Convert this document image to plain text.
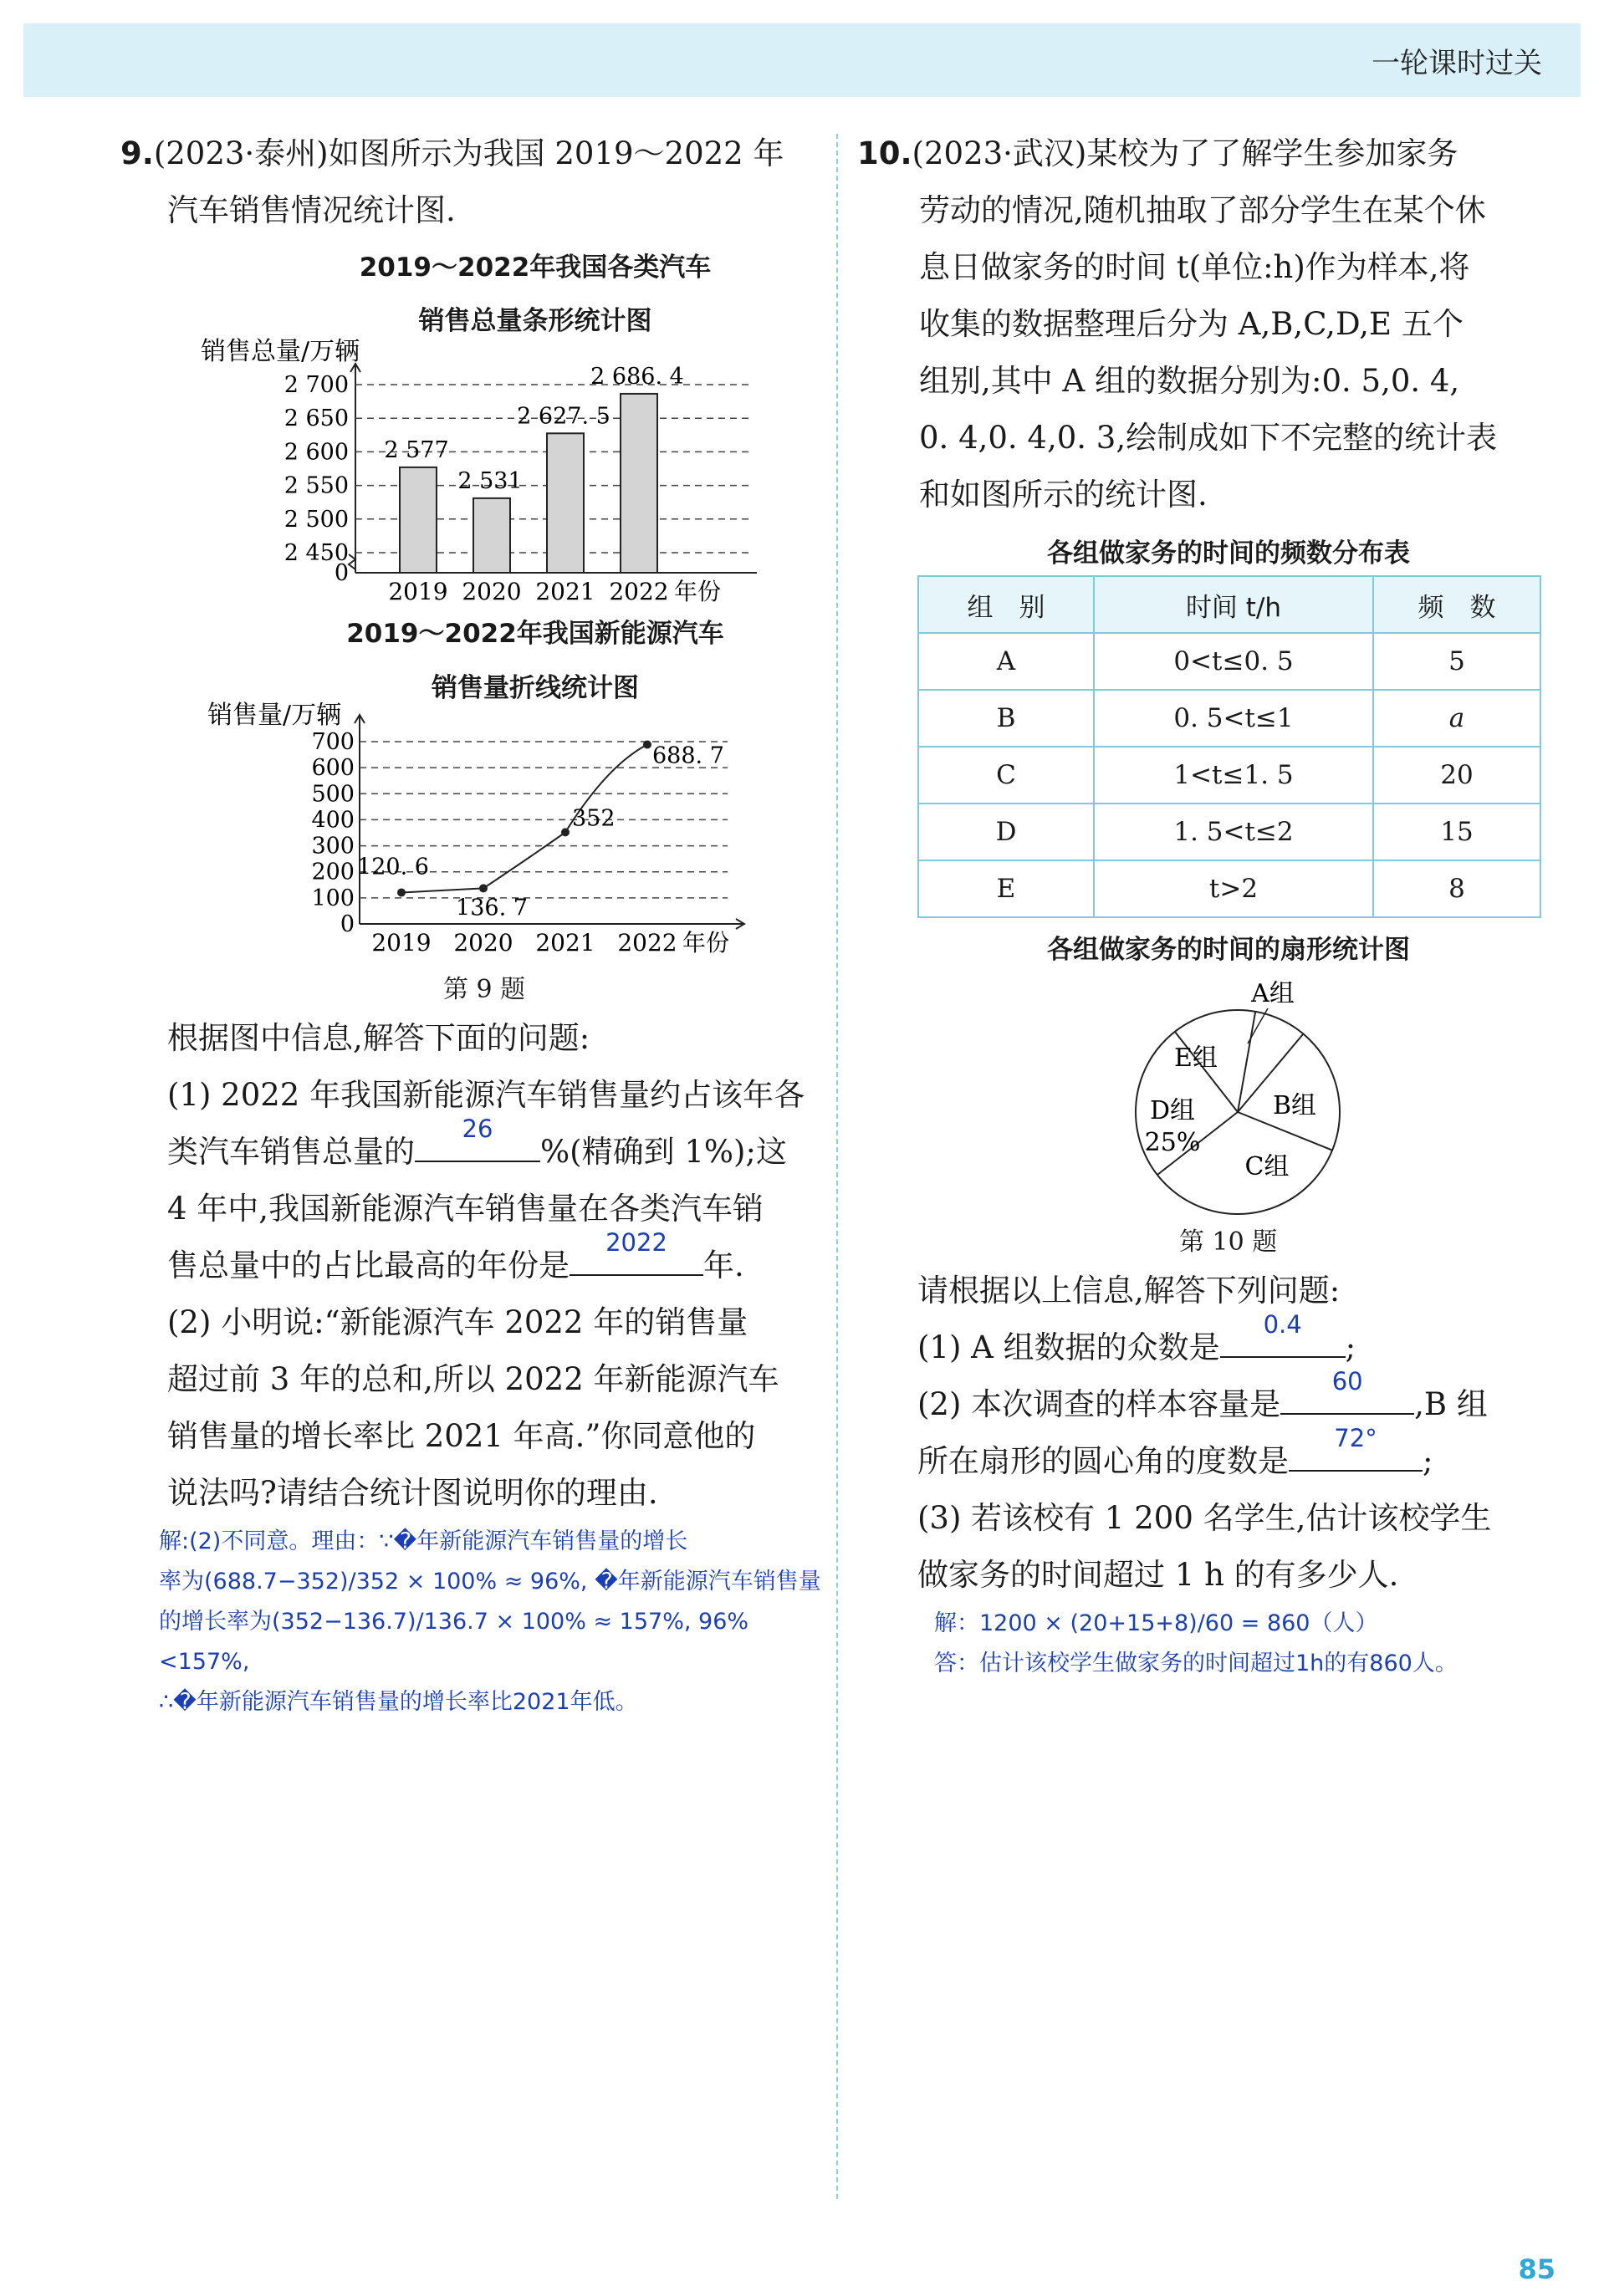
一轮课时过关
9.(2023·泰州)如图所示为我国 2019～2022 年
汽车销售情况统计图.
2019～2022年我国各类汽车
销售总量条形统计图
销售总量/万辆
0
2 450
2 500
2 550
2 600
2 650
2 700
2 577
2019
2 531
2020
2 627. 5
2021
2 686. 4
2022 年份
2019～2022年我国新能源汽车
销售量折线统计图
销售量/万辆
0
100
200
300
400
500
600
700
120. 6
2019
136. 7
2020
352
2021
688. 7
2022 年份
第 9 题
根据图中信息,解答下面的问题:
(1) 2022 年我国新能源汽车销售量约占该年各
类汽车销售总量的
26
%(精确到 1%);这
4 年中,我国新能源汽车销售量在各类汽车销
售总量中的占比最高的年份是
2022
年.
(2) 小明说:“新能源汽车 2022 年的销售量
超过前 3 年的总和,所以 2022 年新能源汽车
销售量的增长率比 2021 年高.”你同意他的
说法吗?请结合统计图说明你的理由.
解:(2)不同意。理由：∵�年新能源汽车销售量的增长
率为(688.7−352)/352 × 100% ≈ 96%, �年新能源汽车销售量
的增长率为(352−136.7)/136.7 × 100% ≈ 157%, 96%<157%,
∴�年新能源汽车销售量的增长率比2021年低。
10.(2023·武汉)某校为了了解学生参加家务
劳动的情况,随机抽取了部分学生在某个休
息日做家务的时间 t(单位:h)作为样本,将
收集的数据整理后分为 A,B,C,D,E 五个
组别,其中 A 组的数据分别为:0. 5,0. 4,
0. 4,0. 4,0. 3,绘制成如下不完整的统计表
和如图所示的统计图.
各组做家务的时间的频数分布表
组　别	时间 t/h	频　数
A	0<t≤0. 5	5
B	0. 5<t≤1	a
C	1<t≤1. 5	20
D	1. 5<t≤2	15
E	t>2	8
各组做家务的时间的扇形统计图
A组
B组
C组
D组
E组
25%
第 10 题
请根据以上信息,解答下列问题:
(1) A 组数据的众数是
0.4
;
(2) 本次调查的样本容量是
60
,B 组
所在扇形的圆心角的度数是
72°
;
(3) 若该校有 1 200 名学生,估计该校学生
做家务的时间超过 1 h 的有多少人.
解：1200 × (20+15+8)/60 = 860（人）
答：估计该校学生做家务的时间超过1h的有860人。
85
